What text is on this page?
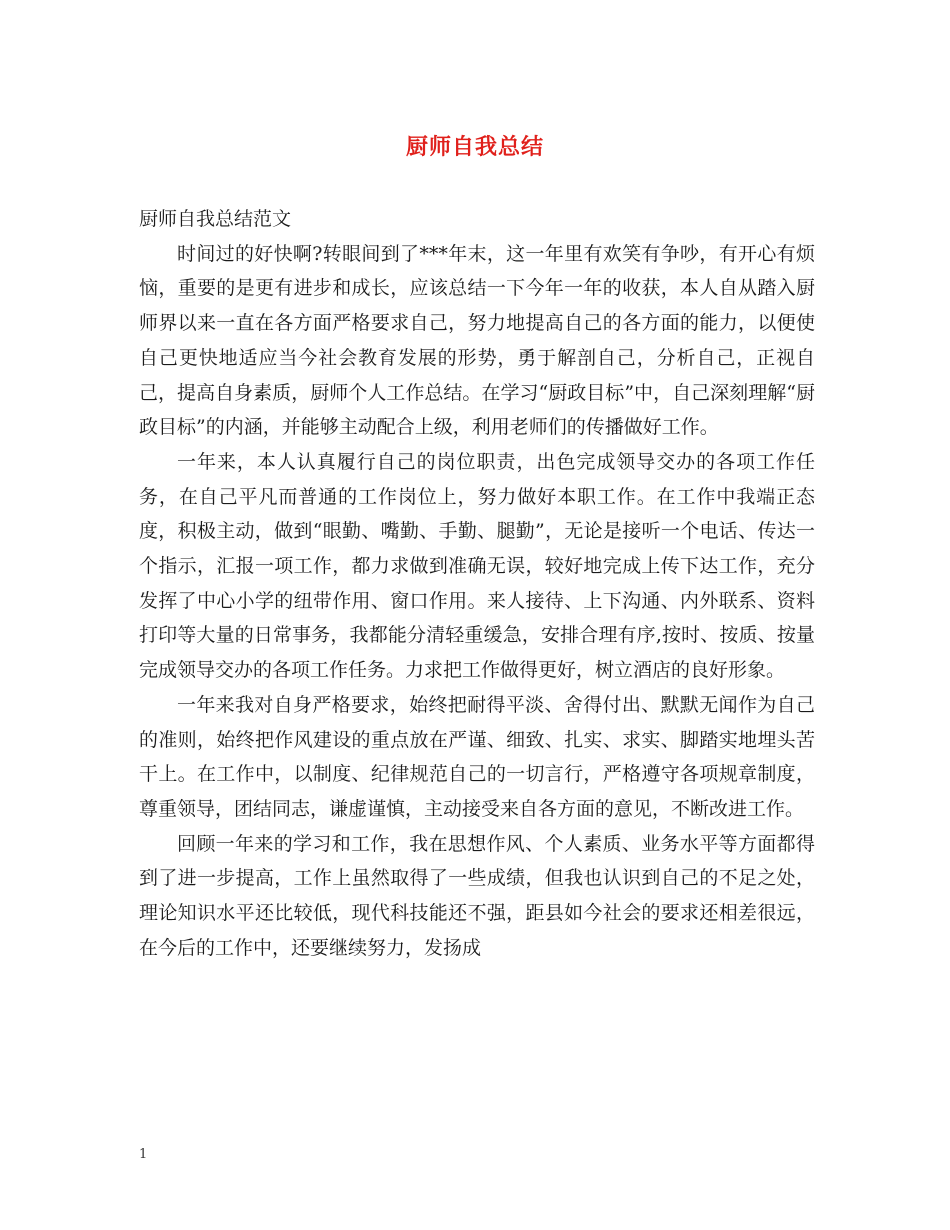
厨师自我总结

厨师自我总结范文

时间过的好快啊?转眼间到了***年末，这一年里有欢笑有争吵，有开心有烦恼，重要的是更有进步和成长，应该总结一下今年一年的收获，本人自从踏入厨师界以来一直在各方面严格要求自己，努力地提高自己的各方面的能力，以便使自己更快地适应当今社会教育发展的形势，勇于解剖自己，分析自己，正视自己，提高自身素质，厨师个人工作总结。在学习“厨政目标”中，自己深刻理解“厨政目标”的内涵，并能够主动配合上级，利用老师们的传播做好工作。

一年来，本人认真履行自己的岗位职责，出色完成领导交办的各项工作任务，在自己平凡而普通的工作岗位上，努力做好本职工作。在工作中我端正态度，积极主动，做到“眼勤、嘴勤、手勤、腿勤”，无论是接听一个电话、传达一个指示，汇报一项工作，都力求做到准确无误，较好地完成上传下达工作，充分发挥了中心小学的纽带作用、窗口作用。来人接待、上下沟通、内外联系、资料打印等大量的日常事务，我都能分清轻重缓急，安排合理有序,按时、按质、按量完成领导交办的各项工作任务。力求把工作做得更好，树立酒店的良好形象。

一年来我对自身严格要求，始终把耐得平淡、舍得付出、默默无闻作为自己的准则，始终把作风建设的重点放在严谨、细致、扎实、求实、脚踏实地埋头苦干上。在工作中，以制度、纪律规范自己的一切言行，严格遵守各项规章制度，尊重领导，团结同志，谦虚谨慎，主动接受来自各方面的意见，不断改进工作。

回顾一年来的学习和工作，我在思想作风、个人素质、业务水平等方面都得到了进一步提高，工作上虽然取得了一些成绩，但我也认识到自己的不足之处，理论知识水平还比较低，现代科技能还不强，距县如今社会的要求还相差很远，在今后的工作中，还要继续努力，发扬成

1
